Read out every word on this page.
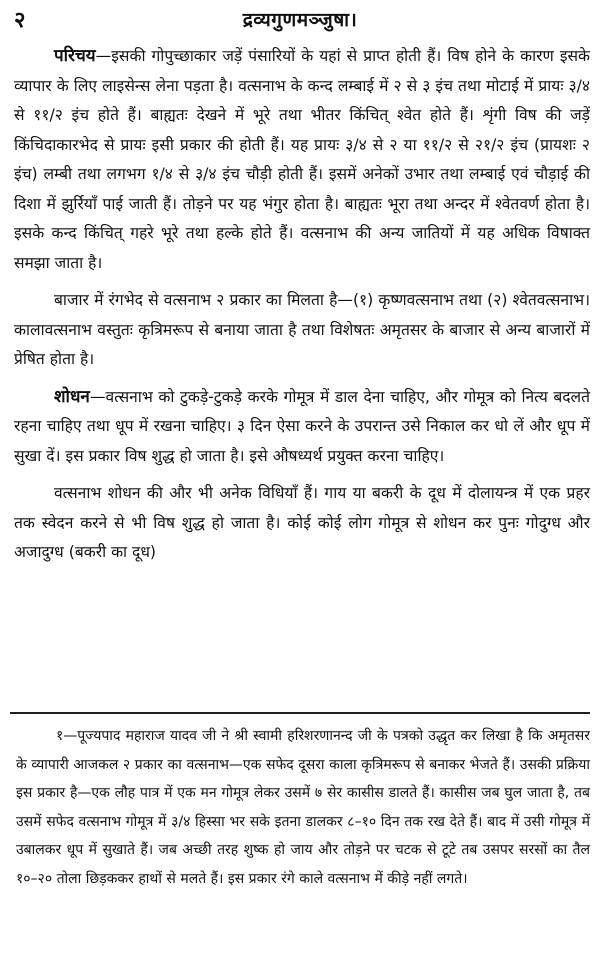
२	द्रव्यगुणमञ्जुषा।

परिचय—इसकी गोपुच्छाकार जड़ें पंसारियों के यहां से प्राप्त होती हैं। विष होने के कारण इसके व्यापार के लिए लाइसेन्स लेना पड़ता है। वत्सनाभ के कन्द लम्बाई में २ से ३ इंच तथा मोटाई में प्रायः ३/४ से ११/२ इंच होते हैं। बाह्यतः देखने में भूरे तथा भीतर किंचित् श्वेत होते हैं। शृंगी विष की जड़ें किंचिदाकारभेद से प्रायः इसी प्रकार की होती हैं। यह प्रायः ३/४ से २ या ११/२ से २१/२ इंच (प्रायशः २ इंच) लम्बी तथा लगभग १/४ से ३/४ इंच चौड़ी होती हैं। इसमें अनेकों उभार तथा लम्बाई एवं चौड़ाई की दिशा में झुर्रियाँ पाई जाती हैं। तोड़ने पर यह भंगुर होता है। बाह्यतः भूरा तथा अन्दर में श्वेतवर्ण होता है। इसके कन्द किंचित् गहरे भूरे तथा हल्के होते हैं। वत्सनाभ की अन्य जातियों में यह अधिक विषाक्त समझा जाता है।

बाजार में रंगभेद से वत्सनाभ २ प्रकार का मिलता है—(१) कृष्णवत्सनाभ तथा (२) श्वेतवत्सनाभ। कालावत्सनाभ वस्तुतः कृत्रिमरूप से बनाया जाता है तथा विशेषतः अमृतसर के बाजार से अन्य बाजारों में प्रेषित होता है।

शोधन—वत्सनाभ को टुकड़े-टुकड़े करके गोमूत्र में डाल देना चाहिए, और गोमूत्र को नित्य बदलते रहना चाहिए तथा धूप में रखना चाहिए। ३ दिन ऐसा करने के उपरान्त उसे निकाल कर धो लें और धूप में सुखा दें। इस प्रकार विष शुद्ध हो जाता है। इसे औषध्यर्थ प्रयुक्त करना चाहिए।

वत्सनाभ शोधन की और भी अनेक विधियाँ हैं। गाय या बकरी के दूध में दोलायन्त्र में एक प्रहर तक स्वेदन करने से भी विष शुद्ध हो जाता है। कोई कोई लोग गोमूत्र से शोधन कर पुनः गोदुग्ध और अजादुग्ध (बकरी का दूध)

१—पूज्यपाद महाराज यादव जी ने श्री स्वामी हरिशरणानन्द जी के पत्रको उद्धृत कर लिखा है कि अमृतसर के व्यापारी आजकल २ प्रकार का वत्सनाभ—एक सफेद दूसरा काला कृत्रिमरूप से बनाकर भेजते हैं। उसकी प्रक्रिया इस प्रकार है—एक लौह पात्र में एक मन गोमूत्र लेकर उसमें ७ सेर कासीस डालते हैं। कासीस जब घुल जाता है, तब उसमें सफेद वत्सनाभ गोमूत्र में ३/४ हिस्सा भर सके इतना डालकर ८–१० दिन तक रख देते हैं। बाद में उसी गोमूत्र में उबालकर धूप में सुखाते हैं। जब अच्छी तरह शुष्क हो जाय और तोड़ने पर चटक से टूटे तब उसपर सरसों का तैल १०–२० तोला छिड़ककर हाथों से मलते हैं। इस प्रकार रंगे काले वत्सनाभ में कीड़े नहीं लगते।
